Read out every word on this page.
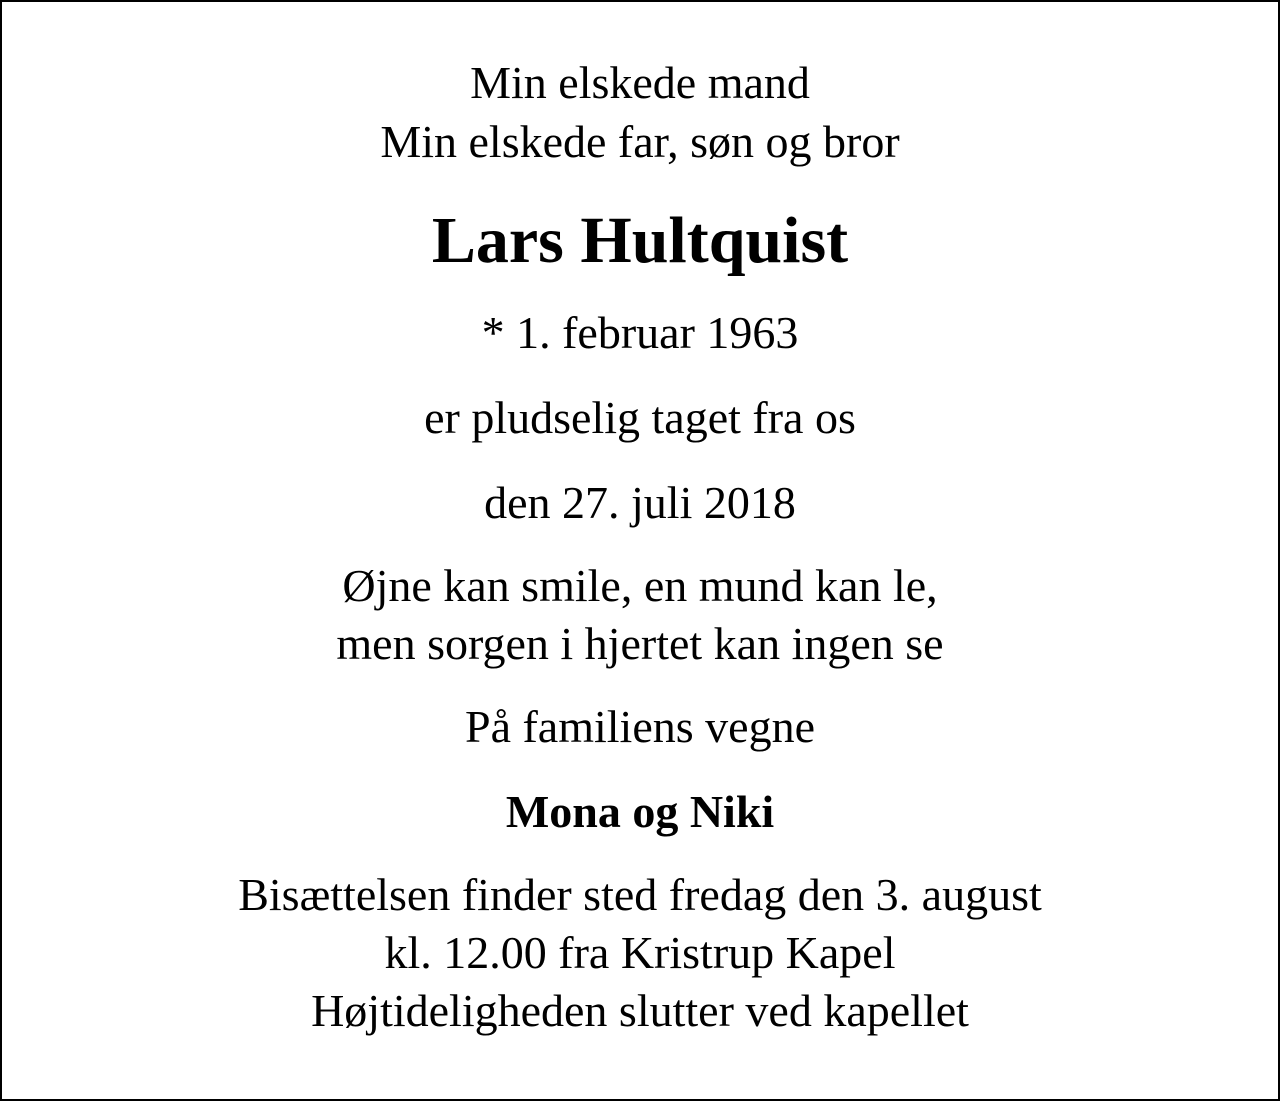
Min elskede mand
Min elskede far, søn og bror
Lars Hultquist
* 1. februar 1963
er pludselig taget fra os
den 27. juli 2018
Øjne kan smile, en mund kan le,
men sorgen i hjertet kan ingen se
På familiens vegne
Mona og Niki
Bisættelsen finder sted fredag den 3. august
kl. 12.00 fra Kristrup Kapel
Højtideligheden slutter ved kapellet
